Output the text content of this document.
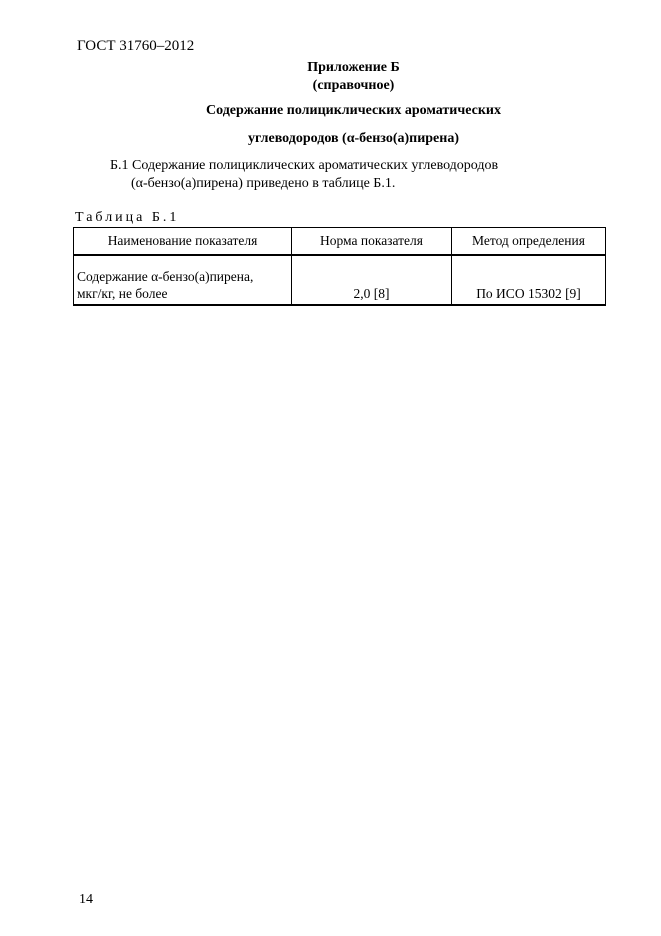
ГОСТ 31760–2012
Приложение Б
(справочное)
Содержание полициклических ароматических
углеводородов (α-бензо(а)пирена)
Б.1 Содержание полициклических ароматических углеводородов
(α-бензо(а)пирена) приведено в таблице Б.1.
Таблица Б.1
Наименование показателя	Норма показателя	Метод определения
Содержание α-бензо(а)пирена,
мкг/кг, не более	2,0 [8]	По ИСО 15302 [9]
14
